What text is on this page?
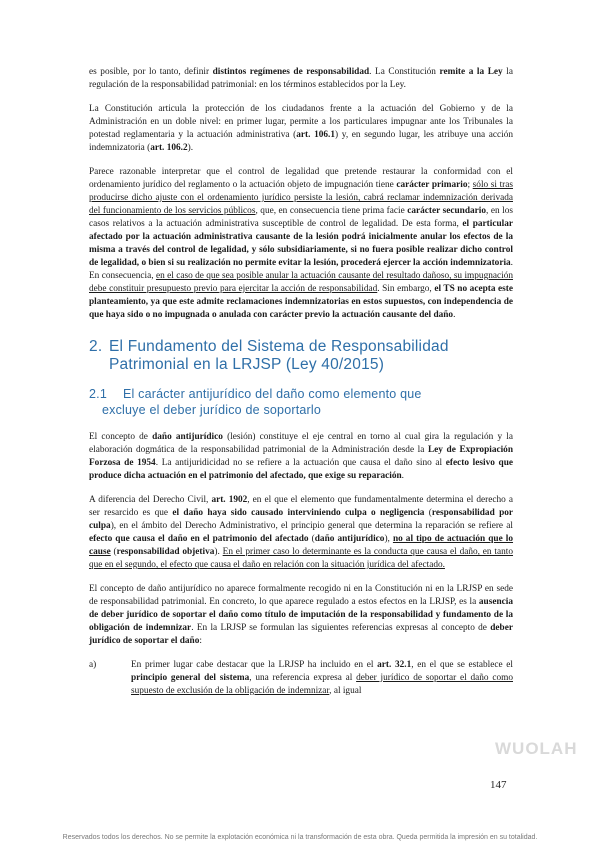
es posible, por lo tanto, definir distintos regímenes de responsabilidad. La Constitución remite a la Ley la regulación de la responsabilidad patrimonial: en los términos establecidos por la Ley.

La Constitución articula la protección de los ciudadanos frente a la actuación del Gobierno y de la Administración en un doble nivel: en primer lugar, permite a los particulares impugnar ante los Tribunales la potestad reglamentaria y la actuación administrativa (art. 106.1) y, en segundo lugar, les atribuye una acción indemnizatoria (art. 106.2).

Parece razonable interpretar que el control de legalidad que pretende restaurar la conformidad con el ordenamiento jurídico del reglamento o la actuación objeto de impugnación tiene carácter primario; sólo si tras producirse dicho ajuste con el ordenamiento jurídico persiste la lesión, cabrá reclamar indemnización derivada del funcionamiento de los servicios públicos, que, en consecuencia tiene prima facie carácter secundario, en los casos relativos a la actuación administrativa susceptible de control de legalidad. De esta forma, el particular afectado por la actuación administrativa causante de la lesión podrá inicialmente anular los efectos de la misma a través del control de legalidad, y sólo subsidiariamente, si no fuera posible realizar dicho control de legalidad, o bien si su realización no permite evitar la lesión, procederá ejercer la acción indemnizatoria. En consecuencia, en el caso de que sea posible anular la actuación causante del resultado dañoso, su impugnación debe constituir presupuesto previo para ejercitar la acción de responsabilidad. Sin embargo, el TS no acepta este planteamiento, ya que este admite reclamaciones indemnizatorias en estos supuestos, con independencia de que haya sido o no impugnada o anulada con carácter previo la actuación causante del daño.

2. El Fundamento del Sistema de Responsabilidad
Patrimonial en la LRJSP (Ley 40/2015)
2.1 El carácter antijurídico del daño como elemento que
excluye el deber jurídico de soportarlo

El concepto de daño antijurídico (lesión) constituye el eje central en torno al cual gira la regulación y la elaboración dogmática de la responsabilidad patrimonial de la Administración desde la Ley de Expropiación Forzosa de 1954. La antijuridicidad no se refiere a la actuación que causa el daño sino al efecto lesivo que produce dicha actuación en el patrimonio del afectado, que exige su reparación.

A diferencia del Derecho Civil, art. 1902, en el que el elemento que fundamentalmente determina el derecho a ser resarcido es que el daño haya sido causado interviniendo culpa o negligencia (responsabilidad por culpa), en el ámbito del Derecho Administrativo, el principio general que determina la reparación se refiere al efecto que causa el daño en el patrimonio del afectado (daño antijurídico), no al tipo de actuación que lo cause (responsabilidad objetiva). En el primer caso lo determinante es la conducta que causa el daño, en tanto que en el segundo, el efecto que causa el daño en relación con la situación jurídica del afectado.

El concepto de daño antijurídico no aparece formalmente recogido ni en la Constitución ni en la LRJSP en sede de responsabilidad patrimonial. En concreto, lo que aparece regulado a estos efectos en la LRJSP, es la ausencia de deber jurídico de soportar el daño como título de imputación de la responsabilidad y fundamento de la obligación de indemnizar. En la LRJSP se formulan las siguientes referencias expresas al concepto de deber jurídico de soportar el daño:

a)	En primer lugar cabe destacar que la LRJSP ha incluido en el art. 32.1, en el que se establece el principio general del sistema, una referencia expresa al deber jurídico de soportar el daño como supuesto de exclusión de la obligación de indemnizar, al igual

WUOLAH
147
Reservados todos los derechos. No se permite la explotación económica ni la transformación de esta obra. Queda permitida la impresión en su totalidad.
